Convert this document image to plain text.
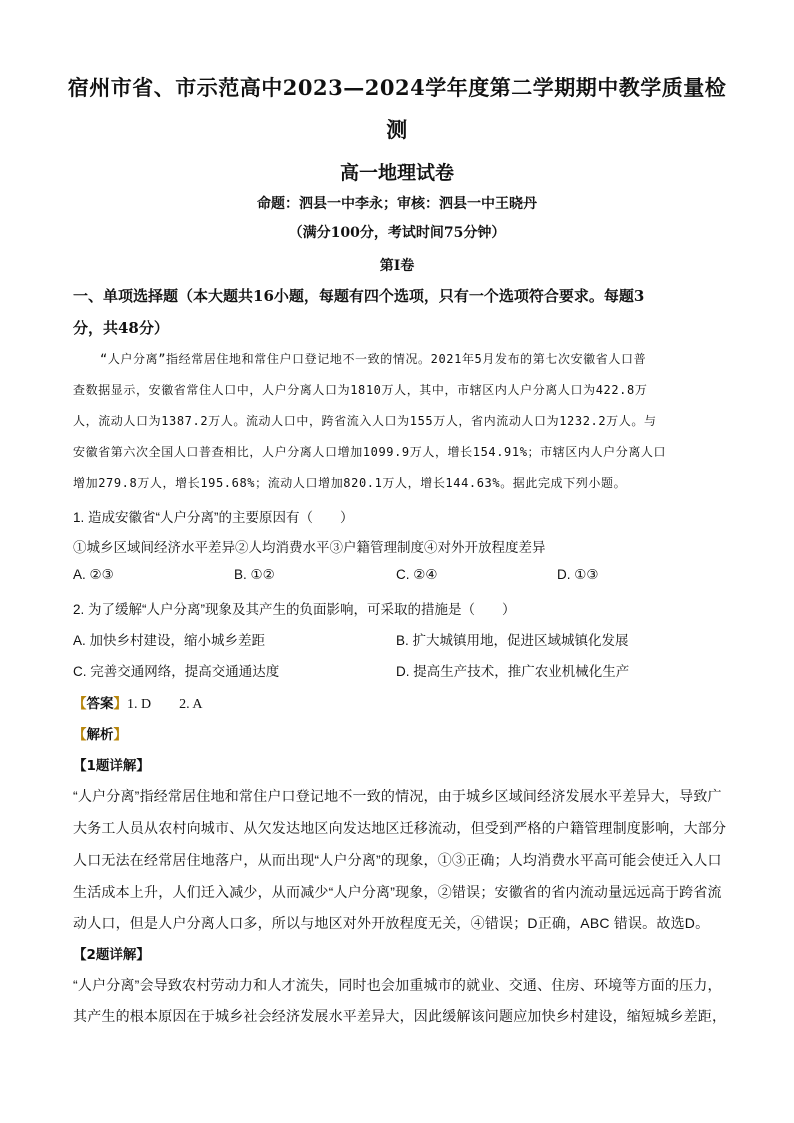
宿州市省、市示范高中2023—2024学年度第二学期期中教学质量检
测
高一地理试卷
命题：泗县一中李永；审核：泗县一中王晓丹
（满分100分，考试时间75分钟）
第Ⅰ卷
一、单项选择题（本大题共16小题，每题有四个选项，只有一个选项符合要求。每题3
分，共48分）
“人户分离”指经常居住地和常住户口登记地不一致的情况。2021年5月发布的第七次安徽省人口普
查数据显示，安徽省常住人口中，人户分离人口为1810万人，其中，市辖区内人户分离人口为422.8万
人，流动人口为1387.2万人。流动人口中，跨省流入人口为155万人，省内流动人口为1232.2万人。与
安徽省第六次全国人口普查相比，人户分离人口增加1099.9万人，增长154.91%；市辖区内人户分离人口
增加279.8万人，增长195.68%；流动人口增加820.1万人，增长144.63%。据此完成下列小题。
1. 造成安徽省“人户分离”的主要原因有（　　）
①城乡区域间经济水平差异②人均消费水平③户籍管理制度④对外开放程度差异
A. ②③	B. ①②	C. ②④	D. ①③
2. 为了缓解“人户分离”现象及其产生的负面影响，可采取的措施是（　　）
A. 加快乡村建设，缩小城乡差距	B. 扩大城镇用地，促进区域城镇化发展
C. 完善交通网络，提高交通通达度	D. 提高生产技术，推广农业机械化生产
【答案】1. D　　2. A
【解析】
【1题详解】
“人户分离”指经常居住地和常住户口登记地不一致的情况，由于城乡区域间经济发展水平差异大，导致广
大务工人员从农村向城市、从欠发达地区向发达地区迁移流动，但受到严格的户籍管理制度影响，大部分
人口无法在经常居住地落户，从而出现“人户分离”的现象，①③正确；人均消费水平高可能会使迁入人口
生活成本上升，人们迁入减少，从而减少“人户分离”现象，②错误；安徽省的省内流动量远远高于跨省流
动人口，但是人户分离人口多，所以与地区对外开放程度无关，④错误；D正确，ABC 错误。故选D。
【2题详解】
“人户分离”会导致农村劳动力和人才流失，同时也会加重城市的就业、交通、住房、环境等方面的压力，
其产生的根本原因在于城乡社会经济发展水平差异大，因此缓解该问题应加快乡村建设，缩短城乡差距，
